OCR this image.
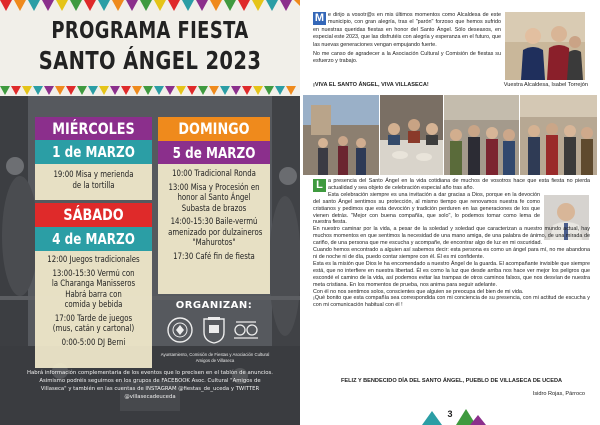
PROGRAMA FIESTA
SANTO ÁNGEL 2023
MIÉRCOLES
1 de MARZO
19:00 Misa y merienda
de la tortilla
DOMINGO
5 de MARZO
10:00 Tradicional Ronda
13:00 Misa y Procesión en
honor al Santo Ángel
Subasta de brazos
14:00-15:30 Baile-vermú
amenizado por dulzaineros
"Mahurotos"
17:30 Café fin de fiesta
SÁBADO
4 de MARZO
12:00 Juegos tradicionales
13:00-15:30 Vermú con
la Charanga Manisseros
Habrá barra con
comida y bebida
17:00 Tarde de juegos
(mus, catán y cartonal)
0:00-5:00 DJ Berni
ORGANIZAN:
Ayuntamiento, Comisión de Fiestas y Asociación Cultural Amigos de Villaseca
Habrá información complementaria de los eventos que lo precisen en el tablón de anuncios. Asimismo podréis seguirnos en los grupos de FACEBOOK Asoc. Cultural "Amigos de Villaseca" y también en las cuentas de INSTAGRAM @fiestas_de_uceda y TWITTER @villasecadeuceda
M e dirijo a vosotr@s en mis últimos momentos como Alcaldesa de este municipio, con gran alegría, tras el "parón" forzoso que hemos sufrido en nuestras queridas fiestas en honor del Santo Ángel. Sólo deseaxos, en especial este 2023, que las disfrutéis con alegría y esperanza en el futuro, que las nuevas generaciones vengan empujando fuerte.

No me canso de agradecer a la Asociación Cultural y Comisión de fiestas su esfuerzo y trabajo.

¡VIVA EL SANTO ÁNGEL, VIVA VILLASECA!	Vuestra Alcaldesa, Isabel Torrejón
L a presencia del Santo Ángel en la vida cotidiana de muchos de vosotros hace que esta fiesta no pierda actualidad y sea objeto de celebración especial año tras año.

Esta celebración siempre es una invitación a dar gracias a Dios, porque en la devoción del santo Ángel sentimos su protección, al mismo tiempo que renovamos nuestra fe como cristianos y pedimos que esta devoción y tradición perduren en las generaciones de los que vienen detrás. "Mejor con buena compañía, que solo", lo podemos tomar como lema de nuestra fiesta.

En nuestro caminar por la vida, a pesar de la soledad y soledad que caracterizan a nuestro mundo actual, hay muchos momentos en que sentimos la necesidad de una mano amiga, de una palabra de ánimo, de una mirada de cariño, de una persona que me escucha y acompañe, de encontrar algo de luz en mi oscuridad.

Cuando hemos encontrado a alguien así sabemos decir: esta persona es como un ángel para mí, no me abandona ni de noche ni de día, puedo contar siempre con él. Él es mi confidente.

Esta es la misión que Dios le ha encomendado a nuestro Ángel de la guarda. El acompañante invisible que siempre está, que no interfiere en nuestra libertad. Él es como la luz que desde arriba nos hace ver mejor los peligros que escondé el camino de la vida, así podemos evitar las trampas de otros caminos falsos, que nos desvían de nuestra meta cristiana. En los momentos de prueba, nos anima para seguir adelante.

Con él no nos sentimos solos, conscientes que alguien se preocupa del bien de mi vida.

¡Qué bonito que esta compañía sea correspondida con mi conciencia de su presencia, con mi actitud de escucha y con mi comunicación habitual con él !

FELIZ Y BENDECIDO DÍA DEL SANTO ÁNGEL, PUEBLO DE VILLASECA DE UCEDA
Isidro Rojas, Párroco
3
